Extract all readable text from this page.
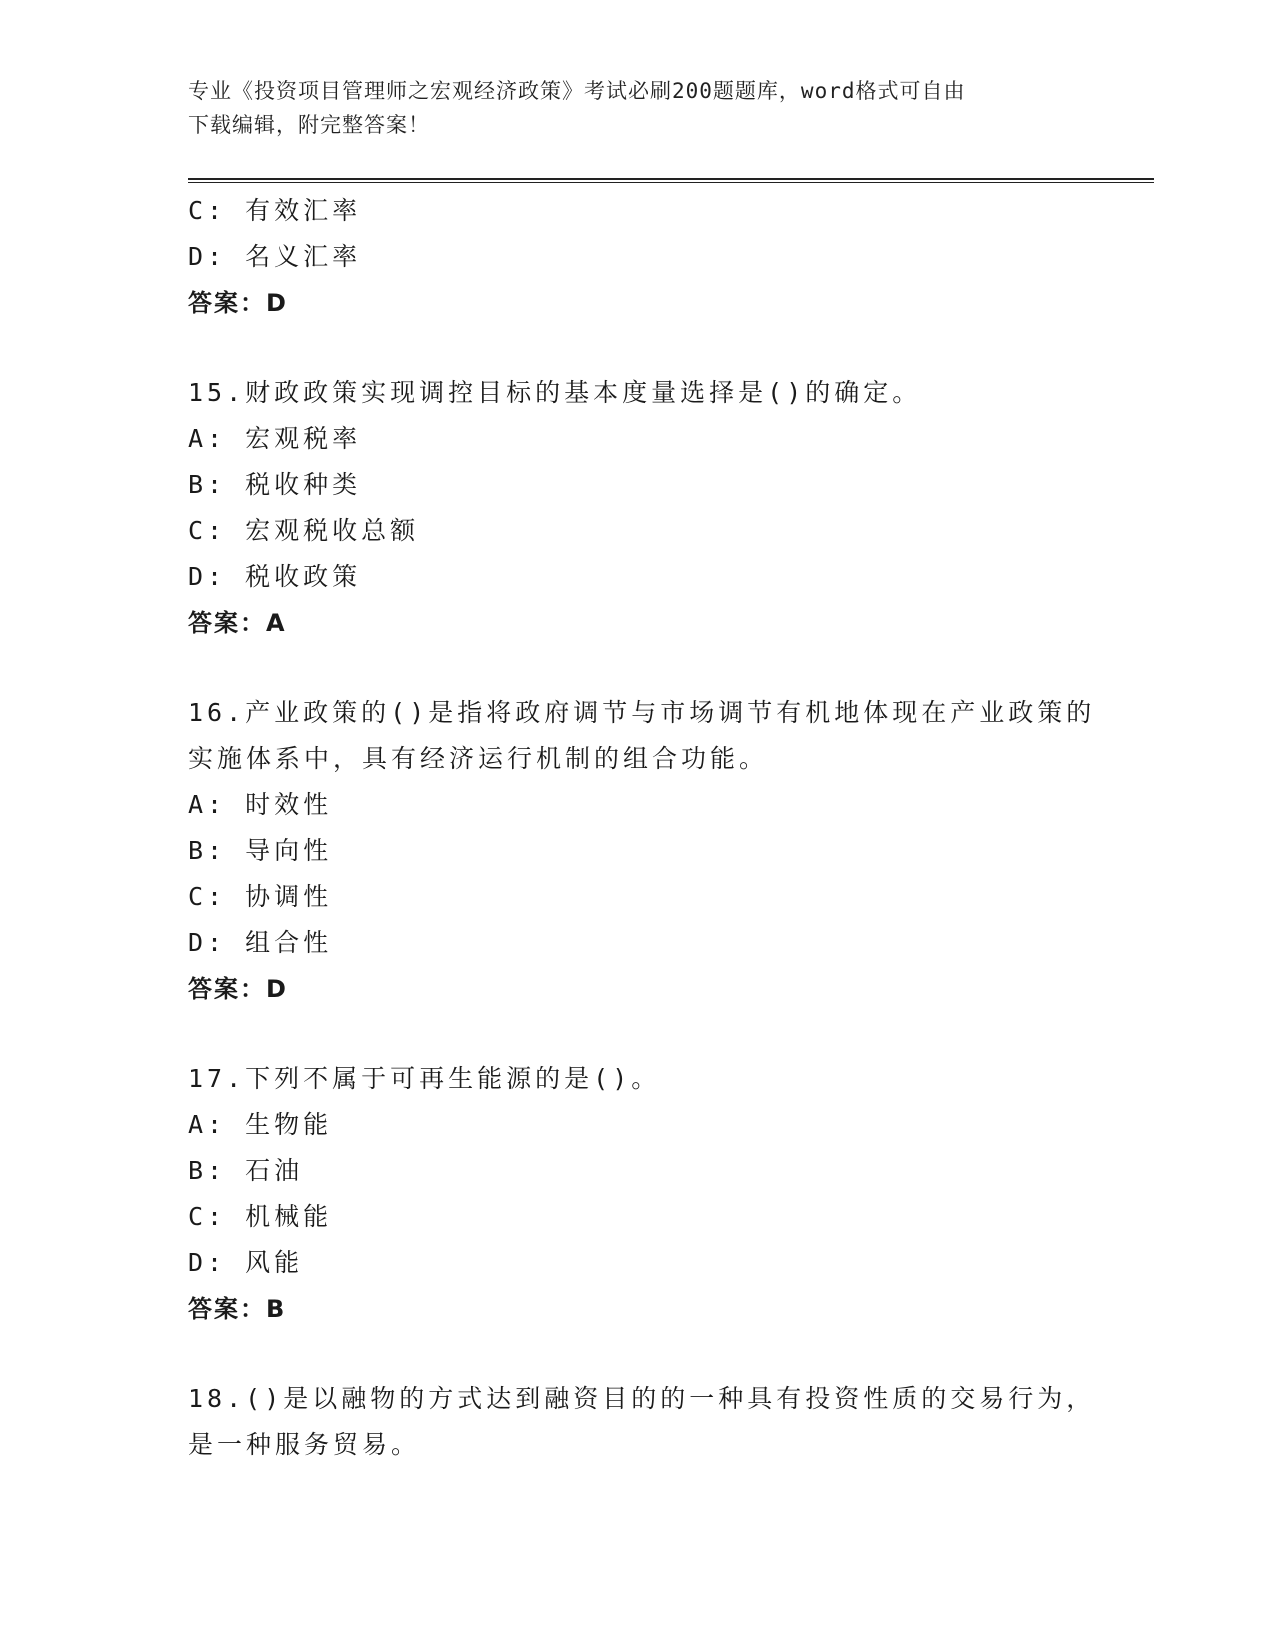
专业《投资项目管理师之宏观经济政策》考试必刷200题题库，word格式可自由
下载编辑，附完整答案！
C: 有效汇率
D: 名义汇率
答案：D
15.财政政策实现调控目标的基本度量选择是()的确定。
A: 宏观税率
B: 税收种类
C: 宏观税收总额
D: 税收政策
答案：A
16.产业政策的()是指将政府调节与市场调节有机地体现在产业政策的
实施体系中，具有经济运行机制的组合功能。
A: 时效性
B: 导向性
C: 协调性
D: 组合性
答案：D
17.下列不属于可再生能源的是()。
A: 生物能
B: 石油
C: 机械能
D: 风能
答案：B
18.()是以融物的方式达到融资目的的一种具有投资性质的交易行为，
是一种服务贸易。
